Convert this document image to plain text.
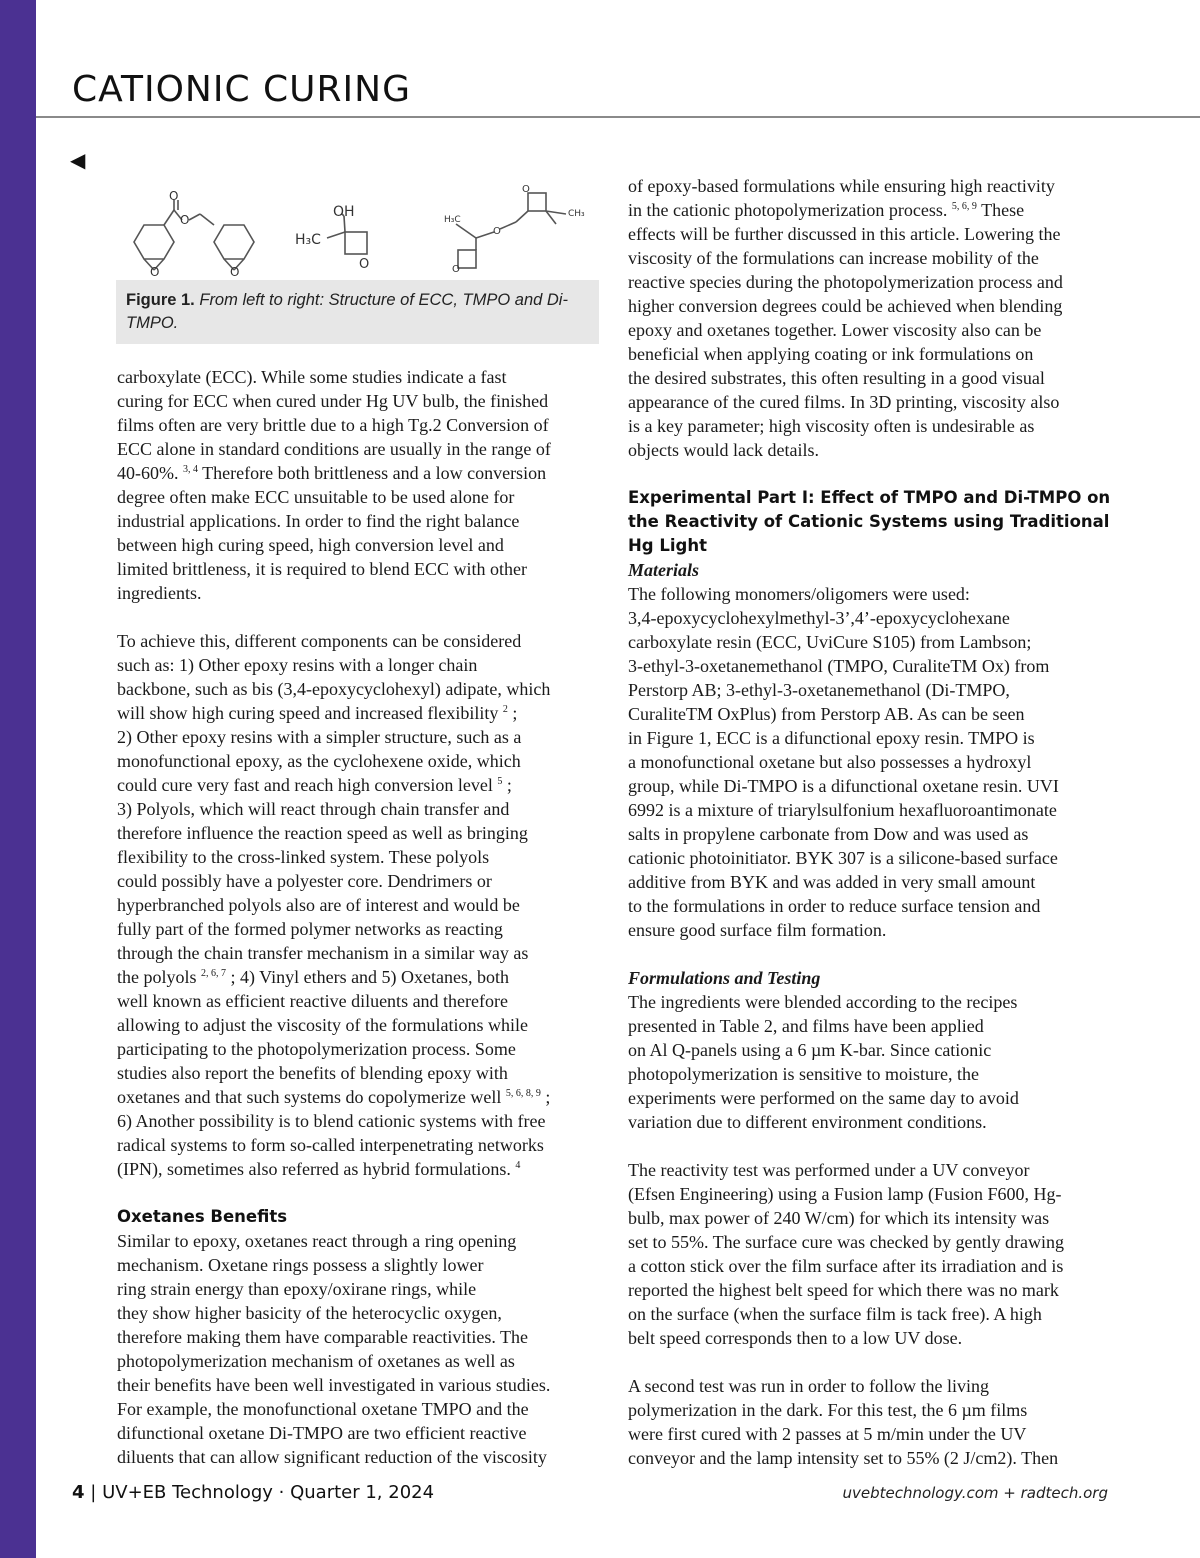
CATIONIC CURING
◀
O
O
O	O
OH
H₃C
O
H₃C
CH₃
O
O
O
Figure 1. From left to right: Structure of ECC, TMPO and Di-TMPO.

carboxylate (ECC). While some studies indicate a fast
curing for ECC when cured under Hg UV bulb, the finished
films often are very brittle due to a high Tg.2 Conversion of
ECC alone in standard conditions are usually in the range of
40-60%. $^{3, 4}$ Therefore both brittleness and a low conversion
degree often make ECC unsuitable to be used alone for
industrial applications. In order to find the right balance
between high curing speed, high conversion level and
limited brittleness, it is required to blend ECC with other
ingredients.

To achieve this, different components can be considered
such as: 1) Other epoxy resins with a longer chain
backbone, such as bis (3,4-epoxycyclohexyl) adipate, which
will show high curing speed and increased flexibility $^2$ ;
2) Other epoxy resins with a simpler structure, such as a
monofunctional epoxy, as the cyclohexene oxide, which
could cure very fast and reach high conversion level $^5$ ;
3) Polyols, which will react through chain transfer and
therefore influence the reaction speed as well as bringing
flexibility to the cross-linked system. These polyols
could possibly have a polyester core. Dendrimers or
hyperbranched polyols also are of interest and would be
fully part of the formed polymer networks as reacting
through the chain transfer mechanism in a similar way as
the polyols $^{2, 6, 7}$ ; 4) Vinyl ethers and 5) Oxetanes, both
well known as efficient reactive diluents and therefore
allowing to adjust the viscosity of the formulations while
participating to the photopolymerization process. Some
studies also report the benefits of blending epoxy with
oxetanes and that such systems do copolymerize well $^{5, 6, 8, 9}$ ;
6) Another possibility is to blend cationic systems with free
radical systems to form so-called interpenetrating networks
(IPN), sometimes also referred as hybrid formulations. $^4$

Oxetanes Benefits

Similar to epoxy, oxetanes react through a ring opening
mechanism. Oxetane rings possess a slightly lower
ring strain energy than epoxy/oxirane rings, while
they show higher basicity of the heterocyclic oxygen,
therefore making them have comparable reactivities. The
photopolymerization mechanism of oxetanes as well as
their benefits have been well investigated in various studies.
For example, the monofunctional oxetane TMPO and the
difunctional oxetane Di-TMPO are two efficient reactive
diluents that can allow significant reduction of the viscosity

of epoxy-based formulations while ensuring high reactivity
in the cationic photopolymerization process. $^{5, 6, 9}$ These
effects will be further discussed in this article. Lowering the
viscosity of the formulations can increase mobility of the
reactive species during the photopolymerization process and
higher conversion degrees could be achieved when blending
epoxy and oxetanes together. Lower viscosity also can be
beneficial when applying coating or ink formulations on
the desired substrates, this often resulting in a good visual
appearance of the cured films. In 3D printing, viscosity also
is a key parameter; high viscosity often is undesirable as
objects would lack details.

Experimental Part I: Effect of TMPO and Di-TMPO on
the Reactivity of Cationic Systems using Traditional
Hg Light

Materials

The following monomers/oligomers were used:
3,4-epoxycyclohexylmethyl-3’,4’-epoxycyclohexane
carboxylate resin (ECC, UviCure S105) from Lambson;
3-ethyl-3-oxetanemethanol (TMPO, CuraliteTM Ox) from
Perstorp AB; 3-ethyl-3-oxetanemethanol (Di-TMPO,
CuraliteTM OxPlus) from Perstorp AB. As can be seen
in Figure 1, ECC is a difunctional epoxy resin. TMPO is
a monofunctional oxetane but also possesses a hydroxyl
group, while Di-TMPO is a difunctional oxetane resin. UVI
6992 is a mixture of triarylsulfonium hexafluoroantimonate
salts in propylene carbonate from Dow and was used as
cationic photoinitiator. BYK 307 is a silicone-based surface
additive from BYK and was added in very small amount
to the formulations in order to reduce surface tension and
ensure good surface film formation.

Formulations and Testing

The ingredients were blended according to the recipes
presented in Table 2, and films have been applied
on Al Q-panels using a 6 µm K-bar. Since cationic
photopolymerization is sensitive to moisture, the
experiments were performed on the same day to avoid
variation due to different environment conditions.

The reactivity test was performed under a UV conveyor
(Efsen Engineering) using a Fusion lamp (Fusion F600, Hg-
bulb, max power of 240 W/cm) for which its intensity was
set to 55%. The surface cure was checked by gently drawing
a cotton stick over the film surface after its irradiation and is
reported the highest belt speed for which there was no mark
on the surface (when the surface film is tack free). A high
belt speed corresponds then to a low UV dose.

A second test was run in order to follow the living
polymerization in the dark. For this test, the 6 µm films
were first cured with 2 passes at 5 m/min under the UV
conveyor and the lamp intensity set to 55% (2 J/cm2). Then

4 | UV+EB Technology · Quarter 1, 2024	uvebtechnology.com + radtech.org
